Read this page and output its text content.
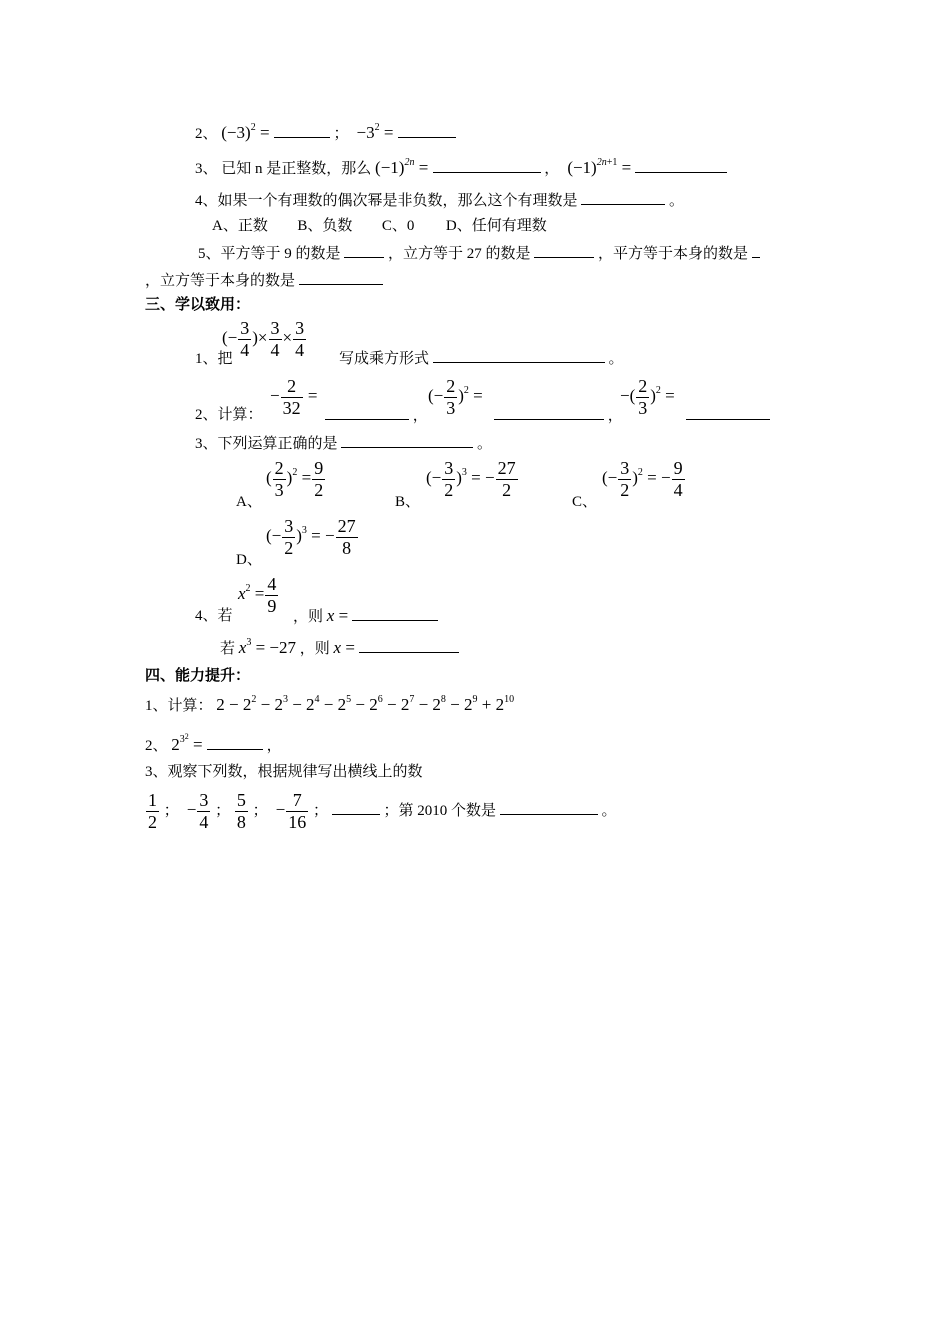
2、 $(-3)^2$ =	；  $-3^2$ =
3、 已知 n 是正整数，那么 $(-1)^{2n}$ =	，  $(-1)^{2n+1}$ =
4、如果一个有理数的偶次幂是非负数，那么这个有理数是	。
A、正数 B、负数 C、0 D、任何有理数
5、平方等于 9 的数是	，立方等于 27 的数是	，平方等于本身的数是
，立方等于本身的数是
三、学以致用：
(− $\frac{3}{4}$ )× $\frac{3}{4} \times \frac{3}{4}$
1、把	写成乘方形式	。
2、计算：
− $\frac{2}{32}$ =
，
(− $\frac{2}{3} )^2$ =
，
−( $\frac{2}{3} )^2$ =
3、下列运算正确的是	。
A、
( $\frac{2}{3} )^2 = \frac{9}{2}$
B、
(− $\frac{3}{2} )^3$ = − $\frac{27}{2}$
C、
(− $\frac{3}{2} )^2$ = − $\frac{9}{4}$
D、
(− $\frac{3}{2} )^3$ = − $\frac{27}{8}$
4、若
$x^2 = \frac{4}{9}$ ，则 x =
若 $x^3 = -27$ ，则 x =
四、能力提升：
1、计算： $2 - 2^2 - 2^3 - 2^4 - 2^5 - 2^6 - 2^7 - 2^8 - 2^9 + 2^{10}$
2、 $2^{3^2}$ =	，
3、观察下列数，根据规律写出横线上的数
$\frac{1}{2}$ ；  − $\frac{3}{4}$ ； $\frac{5}{8}$ ；  − $\frac{7}{16}$ ；	；第 2010 个数是	。
